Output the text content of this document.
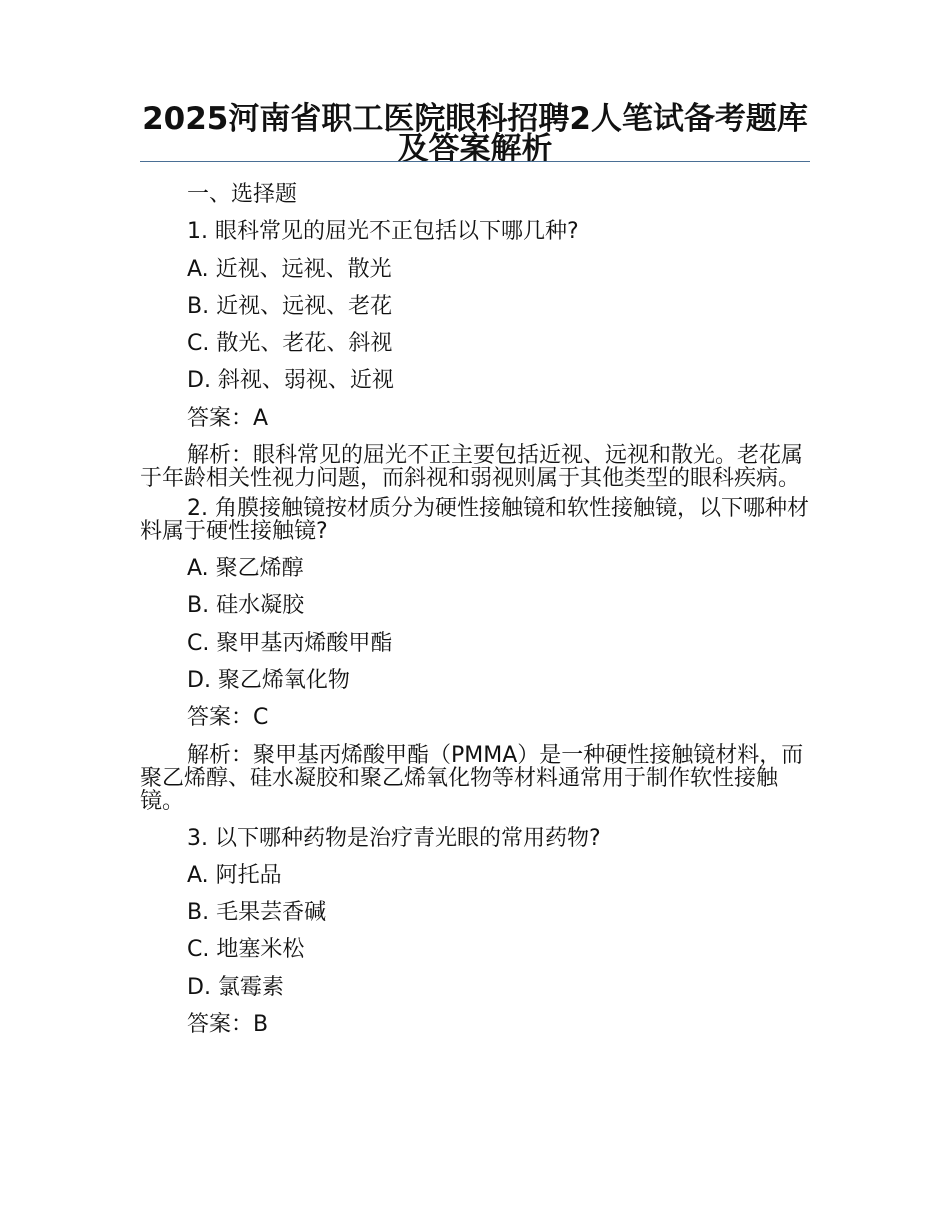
2025河南省职工医院眼科招聘2人笔试备考题库及答案解析
一、选择题
1. 眼科常见的屈光不正包括以下哪几种?
A. 近视、远视、散光
B. 近视、远视、老花
C. 散光、老花、斜视
D. 斜视、弱视、近视
答案：A
解析：眼科常见的屈光不正主要包括近视、远视和散光。老花属于年龄相关性视力问题，而斜视和弱视则属于其他类型的眼科疾病。
2. 角膜接触镜按材质分为硬性接触镜和软性接触镜，以下哪种材料属于硬性接触镜?
A. 聚乙烯醇
B. 硅水凝胶
C. 聚甲基丙烯酸甲酯
D. 聚乙烯氧化物
答案：C
解析：聚甲基丙烯酸甲酯（PMMA）是一种硬性接触镜材料，而聚乙烯醇、硅水凝胶和聚乙烯氧化物等材料通常用于制作软性接触镜。
3. 以下哪种药物是治疗青光眼的常用药物?
A. 阿托品
B. 毛果芸香碱
C. 地塞米松
D. 氯霉素
答案：B
